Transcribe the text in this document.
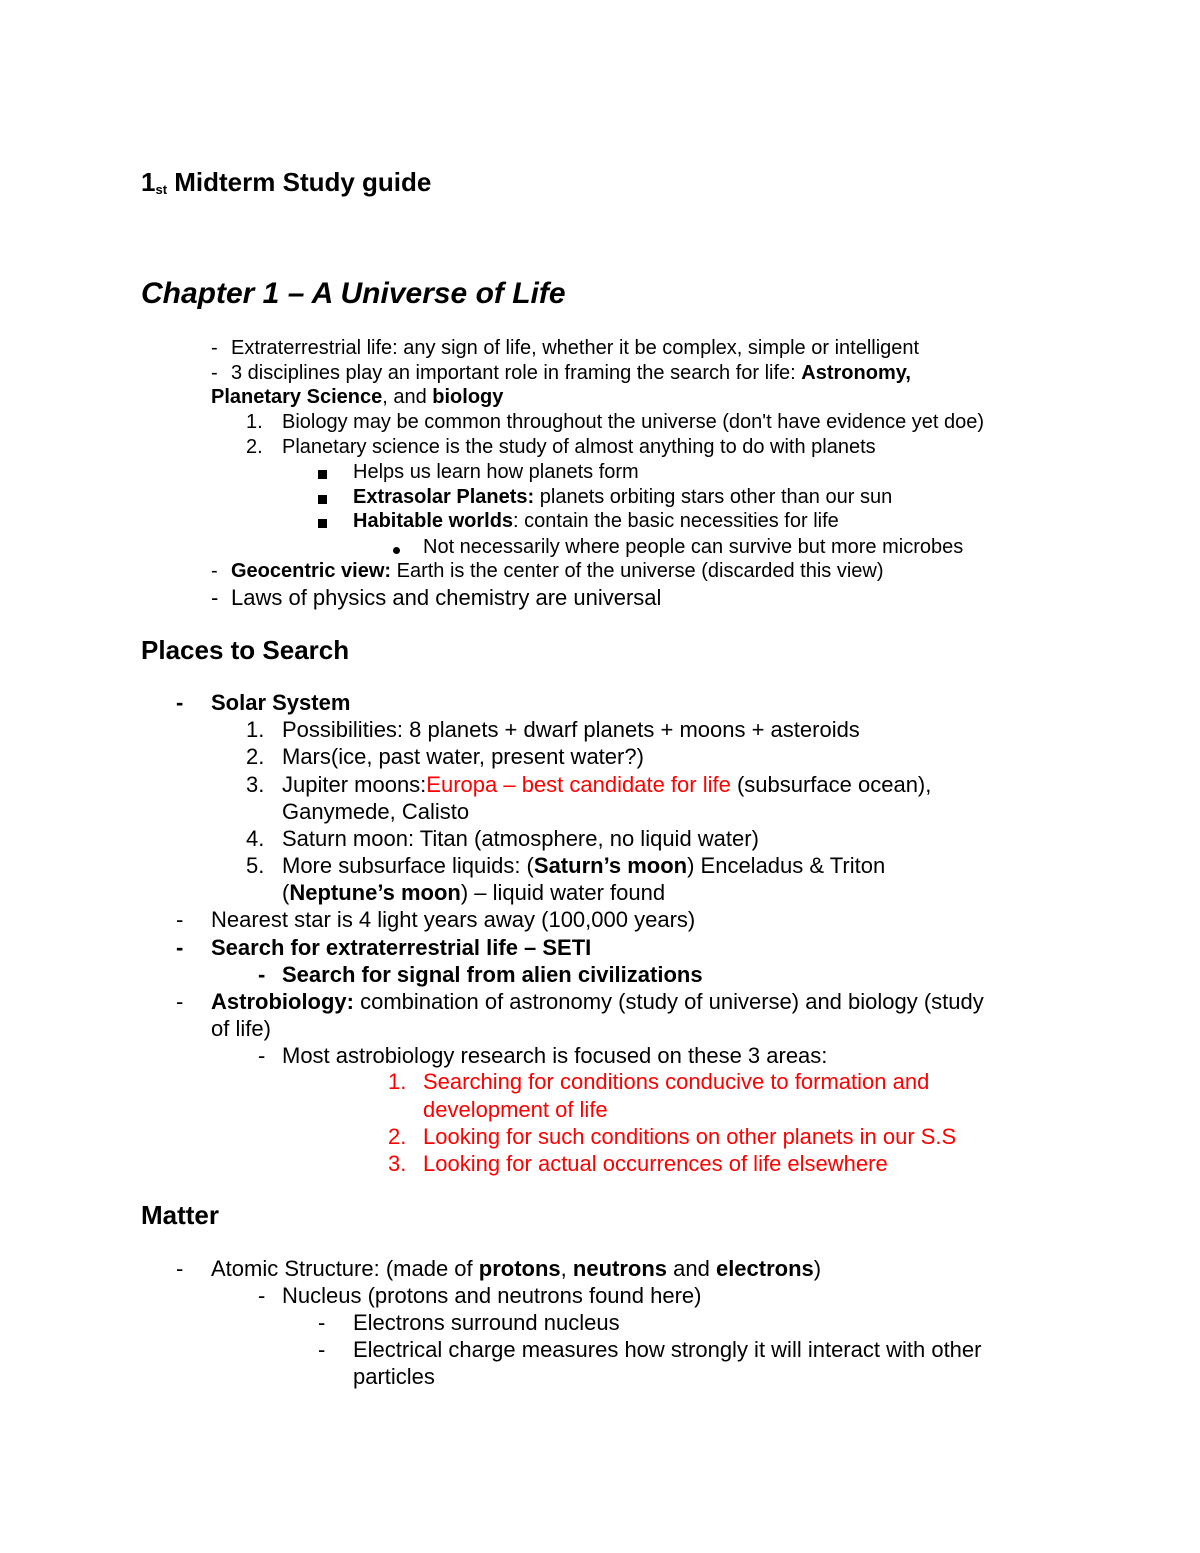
1st Midterm Study guide
Chapter 1 – A Universe of Life
- Extraterrestrial life: any sign of life, whether it be complex, simple or intelligent
- 3 disciplines play an important role in framing the search for life: Astronomy,
Planetary Science, and biology
1. Biology may be common throughout the universe (don't have evidence yet doe)
2. Planetary science is the study of almost anything to do with planets
Helps us learn how planets form
Extrasolar Planets: planets orbiting stars other than our sun
Habitable worlds: contain the basic necessities for life
Not necessarily where people can survive but more microbes
- Geocentric view: Earth is the center of the universe (discarded this view)
- Laws of physics and chemistry are universal
Places to Search
- Solar System
1. Possibilities: 8 planets + dwarf planets + moons + asteroids
2. Mars(ice, past water, present water?)
3. Jupiter moons:Europa – best candidate for life (subsurface ocean),
Ganymede, Calisto
4. Saturn moon: Titan (atmosphere, no liquid water)
5. More subsurface liquids: (Saturn’s moon) Enceladus & Triton
(Neptune’s moon) – liquid water found
- Nearest star is 4 light years away (100,000 years)
- Search for extraterrestrial life – SETI
- Search for signal from alien civilizations
- Astrobiology: combination of astronomy (study of universe) and biology (study
of life)
- Most astrobiology research is focused on these 3 areas:
1. Searching for conditions conducive to formation and
development of life
2. Looking for such conditions on other planets in our S.S
3. Looking for actual occurrences of life elsewhere
Matter
- Atomic Structure: (made of protons, neutrons and electrons)
- Nucleus (protons and neutrons found here)
- Electrons surround nucleus
- Electrical charge measures how strongly it will interact with other
particles
